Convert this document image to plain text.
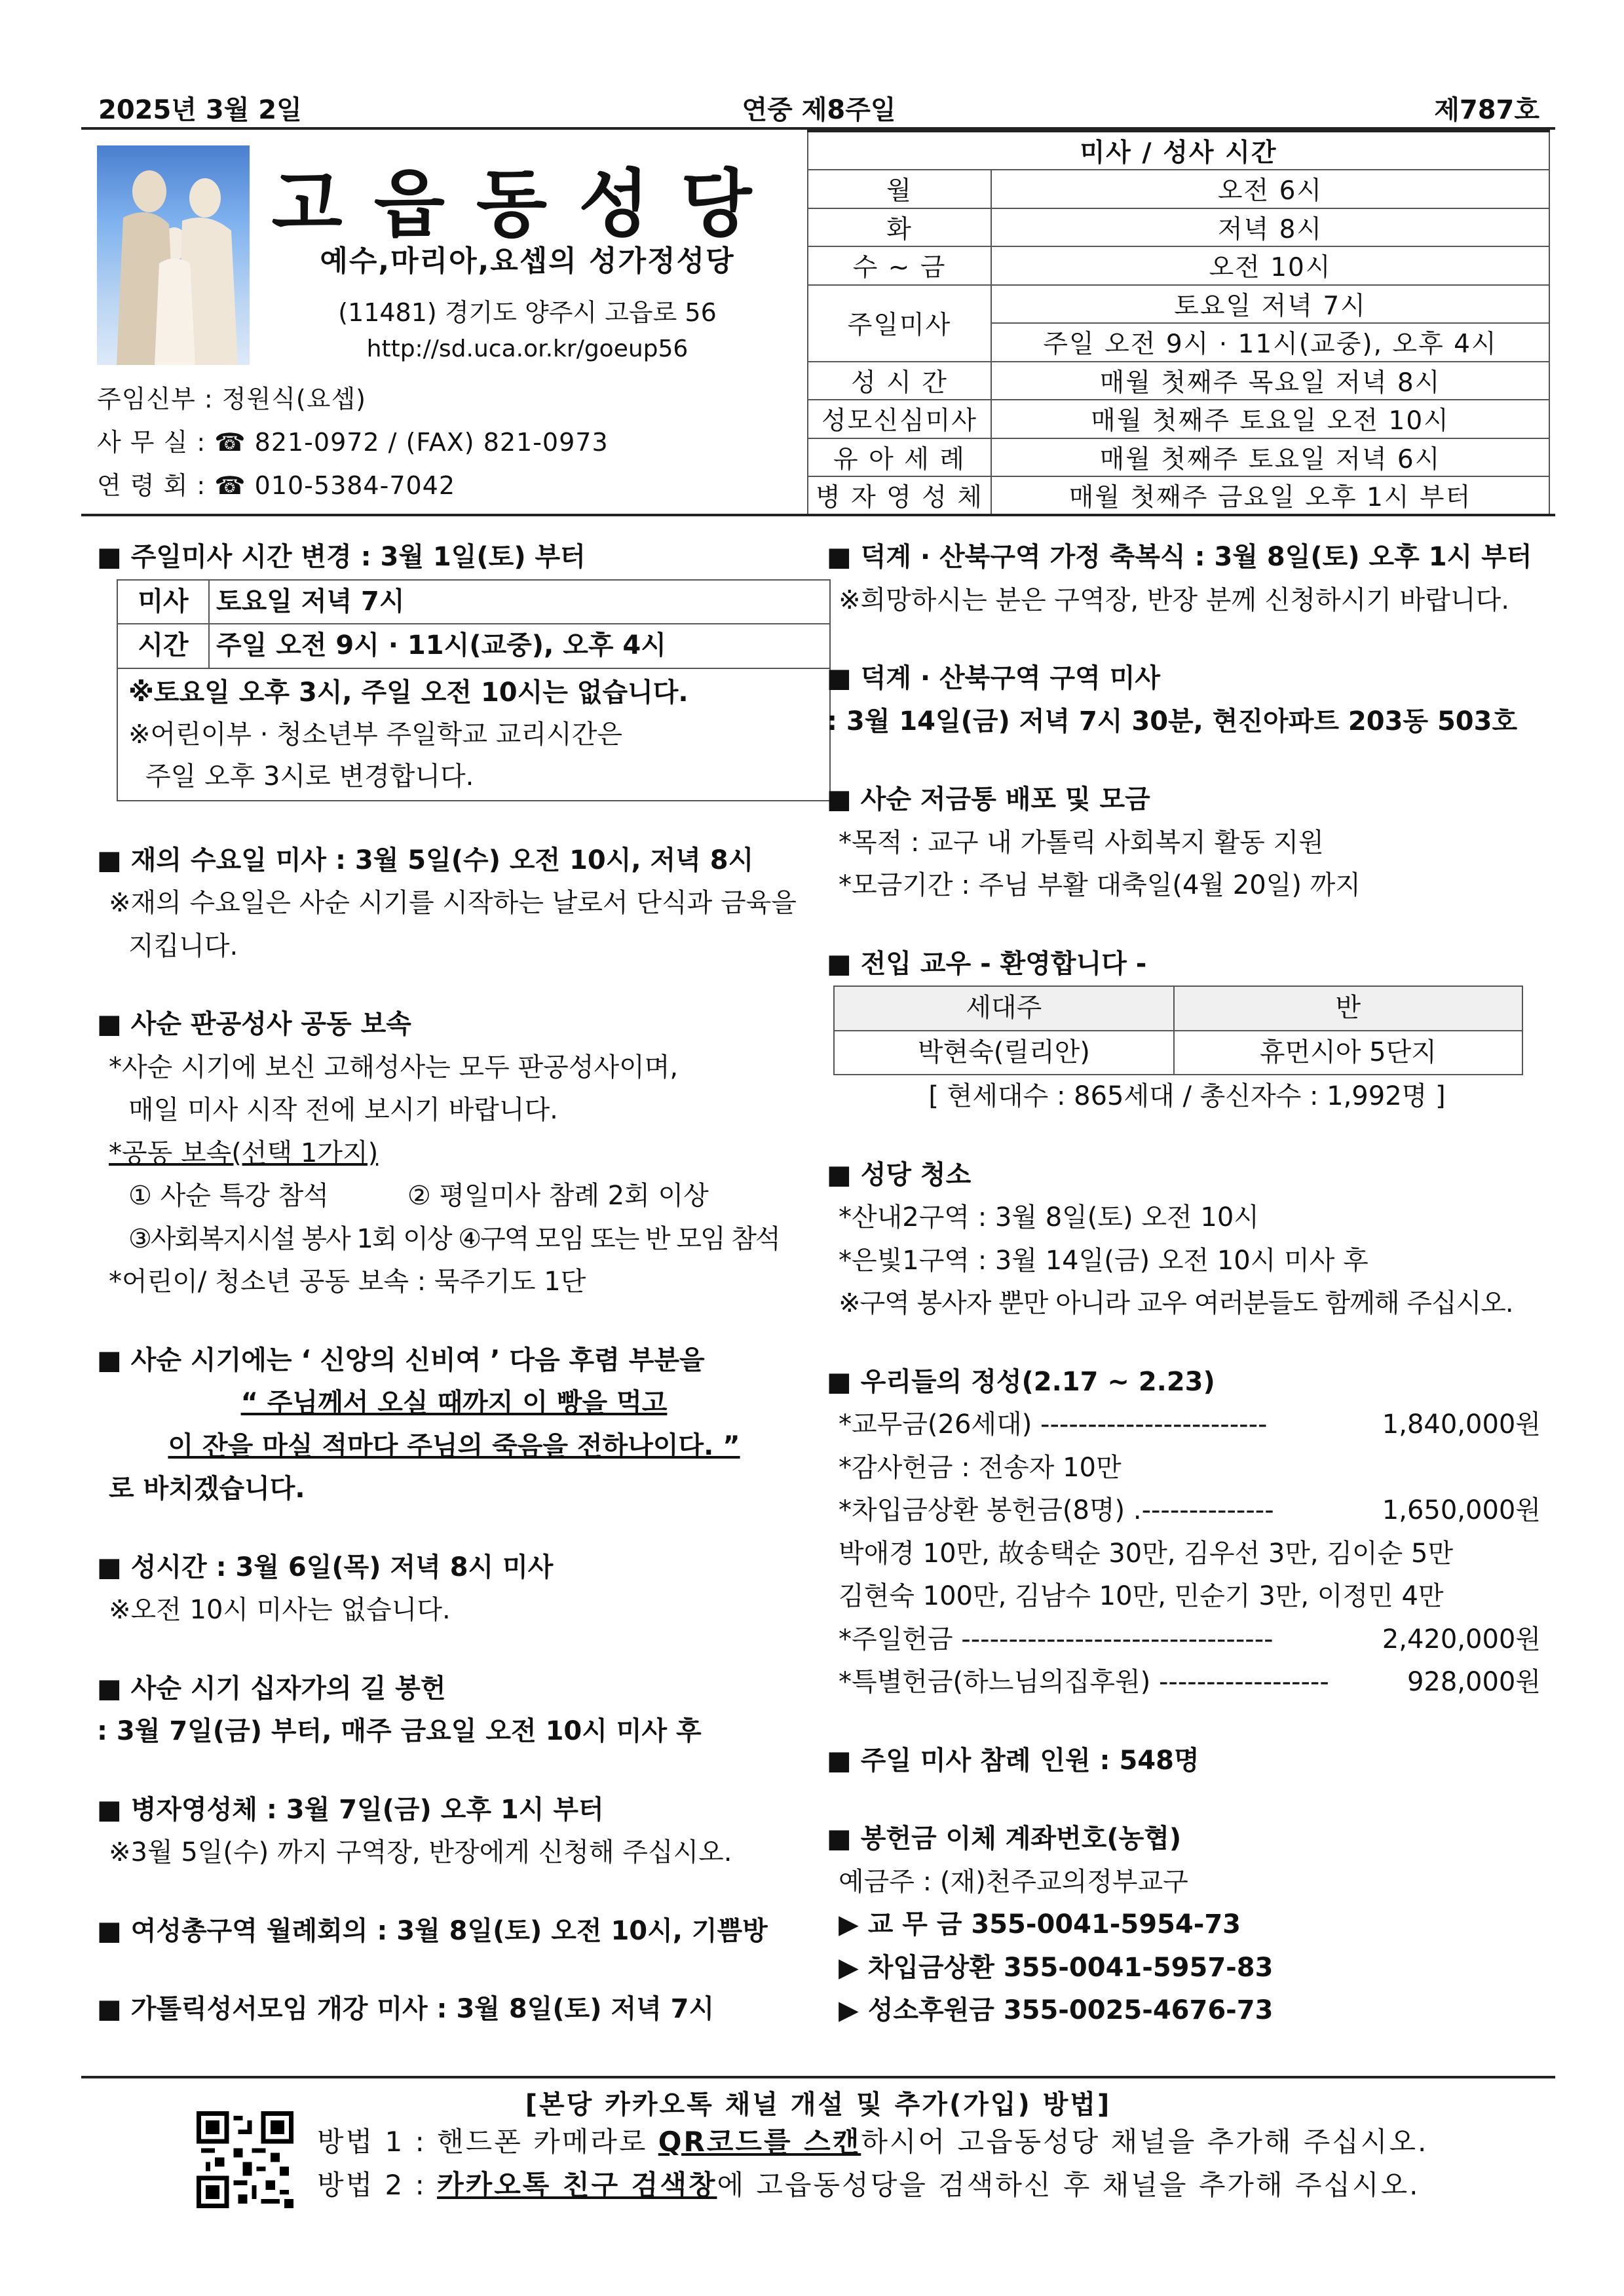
2025년 3월 2일	연중 제8주일	제787호
고읍동성당
예수,마리아,요셉의 성가정성당
(11481) 경기도 양주시 고읍로 56
http://sd.uca.or.kr/goeup56
주임신부 : 정원식(요셉)
사 무 실 : ☎ 821-0972 / (FAX) 821-0973
연 령 회 : ☎ 010-5384-7042
미사 / 성사 시간	
월	오전 6시
화	저녁 8시
수 ~ 금	오전 10시
주일미사	토요일 저녁 7시
	주일 오전 9시 · 11시(교중), 오후 4시
성 시 간	매월 첫째주 목요일 저녁 8시
성모신심미사	매월 첫째주 토요일 오전 10시
유 아 세 례	매월 첫째주 토요일 저녁 6시
병 자 영 성 체	매월 첫째주 금요일 오후 1시 부터
■ 주일미사 시간 변경 : 3월 1일(토) 부터
미사	토요일 저녁 7시
시간	주일 오전 9시 · 11시(교중), 오후 4시

※토요일 오후 3시, 주일 오전 10시는 없습니다.
※어린이부 · 청소년부 주일학교 교리시간은
주일 오후 3시로 변경합니다.	
■ 재의 수요일 미사 : 3월 5일(수) 오전 10시, 저녁 8시
※재의 수요일은 사순 시기를 시작하는 날로서 단식과 금육을
지킵니다.
■ 사순 판공성사 공동 보속
*사순 시기에 보신 고해성사는 모두 판공성사이며,
매일 미사 시작 전에 보시기 바랍니다.
*공동 보속(선택 1가지)
① 사순 특강 참석	② 평일미사 참례 2회 이상
③사회복지시설 봉사 1회 이상 ④구역 모임 또는 반 모임 참석
*어린이/ 청소년 공동 보속 : 묵주기도 1단
■ 사순 시기에는 ‘ 신앙의 신비여 ’ 다음 후렴 부분을
“ 주님께서 오실 때까지 이 빵을 먹고
이 잔을 마실 적마다 주님의 죽음을 전하나이다. ”
로 바치겠습니다.
■ 성시간 : 3월 6일(목) 저녁 8시 미사
※오전 10시 미사는 없습니다.
■ 사순 시기 십자가의 길 봉헌
: 3월 7일(금) 부터, 매주 금요일 오전 10시 미사 후
■ 병자영성체 : 3월 7일(금) 오후 1시 부터
※3월 5일(수) 까지 구역장, 반장에게 신청해 주십시오.
■ 여성총구역 월례회의 : 3월 8일(토) 오전 10시, 기쁨방
■ 가톨릭성서모임 개강 미사 : 3월 8일(토) 저녁 7시
■ 덕계 · 산북구역 가정 축복식 : 3월 8일(토) 오후 1시 부터
※희망하시는 분은 구역장, 반장 분께 신청하시기 바랍니다.
■ 덕계 · 산북구역 구역 미사
: 3월 14일(금) 저녁 7시 30분, 현진아파트 203동 503호
■ 사순 저금통 배포 및 모금
*목적 : 교구 내 가톨릭 사회복지 활동 지원
*모금기간 : 주님 부활 대축일(4월 20일) 까지
■ 전입 교우 - 환영합니다 -
세대주	반
박현숙(릴리안)	휴먼시아 5단지
[ 현세대수 : 865세대 / 총신자수 : 1,992명 ]
■ 성당 청소
*산내2구역 : 3월 8일(토) 오전 10시
*은빛1구역 : 3월 14일(금) 오전 10시 미사 후
※구역 봉사자 뿐만 아니라 교우 여러분들도 함께해 주십시오.
■ 우리들의 정성(2.17 ~ 2.23)
*교무금(26세대) ------------------------	1,840,000원
*감사헌금 : 전송자 10만
*차입금상환 봉헌금(8명) .--------------	1,650,000원
박애경 10만, 故송택순 30만, 김우선 3만, 김이순 5만
김현숙 100만, 김남수 10만, 민순기 3만, 이정민 4만
*주일헌금 ---------------------------------	2,420,000원
*특별헌금(하느님의집후원) ------------------	928,000원
■ 주일 미사 참례 인원 : 548명
■ 봉헌금 이체 계좌번호(농협)
예금주 : (재)천주교의정부교구
▶ 교 무 금 355-0041-5954-73
▶ 차입금상환 355-0041-5957-83
▶ 성소후원금 355-0025-4676-73
[본당 카카오톡 채널 개설 및 추가(가입) 방법]
방법 1 : 핸드폰 카메라로 QR코드를 스캔하시어 고읍동성당 채널을 추가해 주십시오.
방법 2 : 카카오톡 친구 검색창에 고읍동성당을 검색하신 후 채널을 추가해 주십시오.
